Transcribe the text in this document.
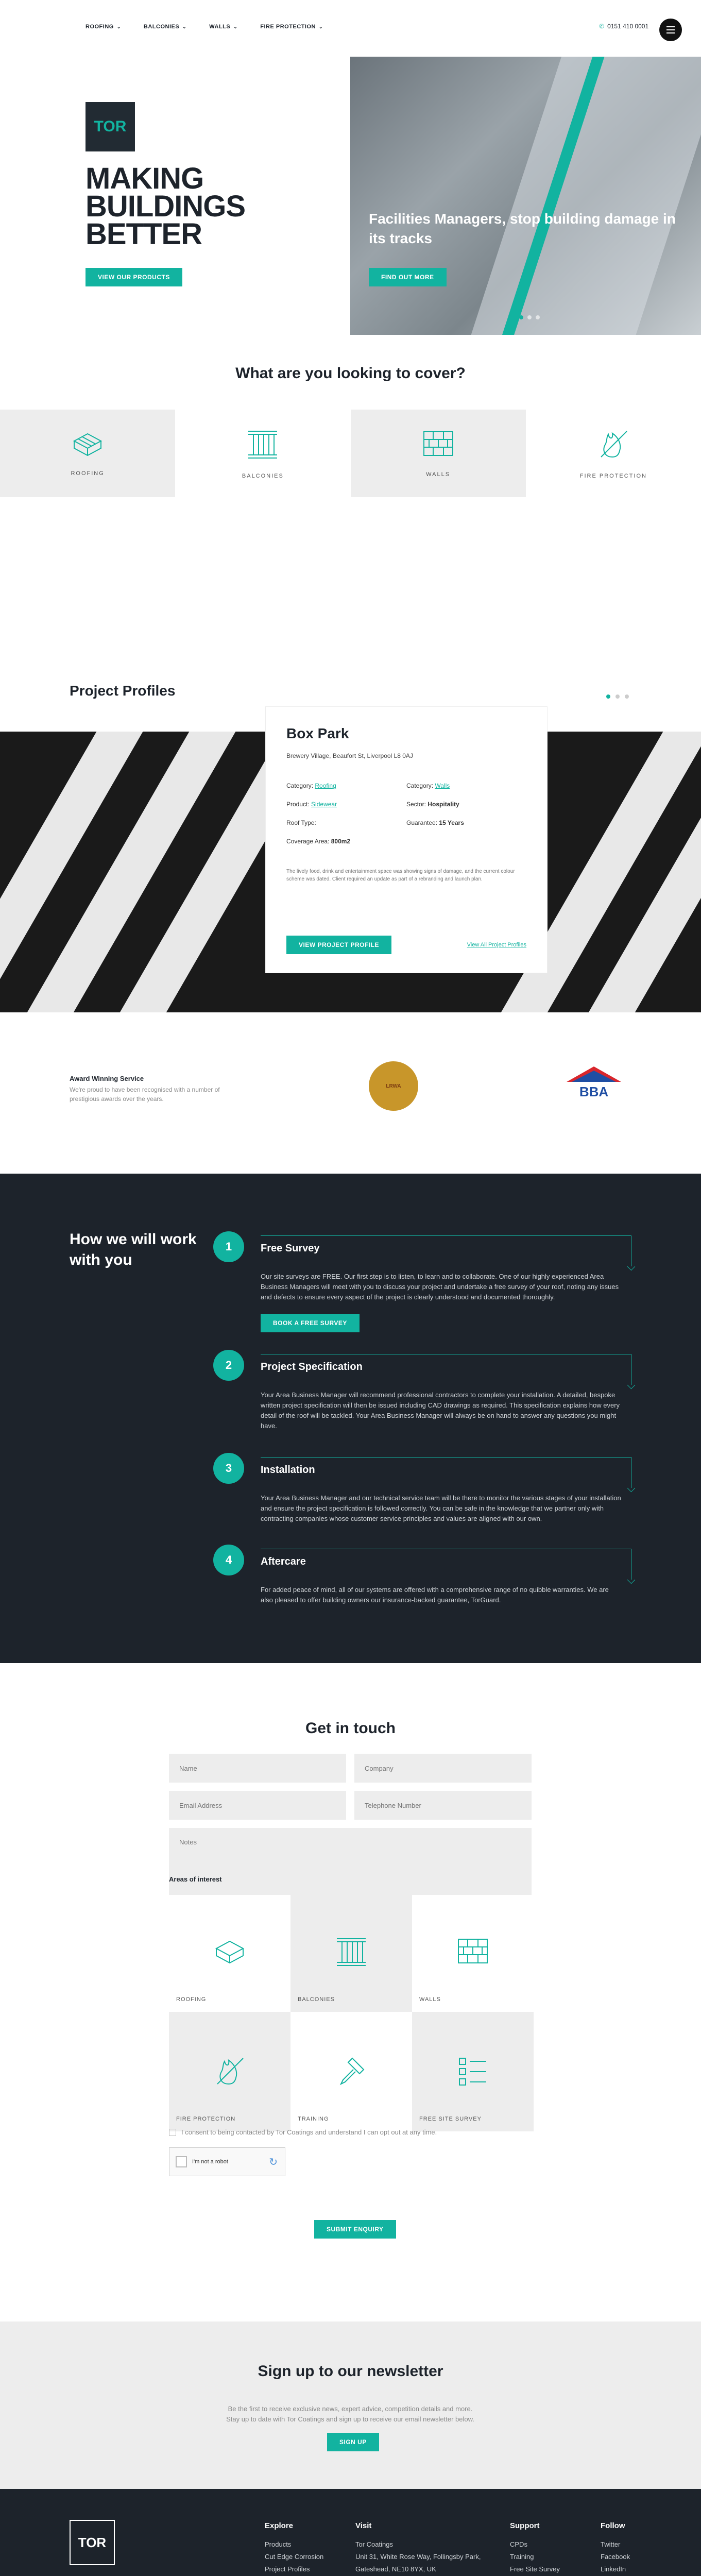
ROOFING ⌄	BALCONIES ⌄	WALLS ⌄	FIRE PROTECTION ⌄	✆ 0151 410 0001
TOR
MAKING
BUILDINGS
BETTER
VIEW OUR PRODUCTS
Facilities Managers, stop building damage in its tracks
FIND OUT MORE
What are you looking to cover?
ROOFING	BALCONIES	WALLS	FIRE PROTECTION
Project Profiles
Box Park
Brewery Village, Beaufort St, Liverpool L8 0AJ
Category: Roofing	Category: Walls
Product: Sidewear	Sector: Hospitality
Roof Type:	Guarantee: 15 Years
Coverage Area: 800m2
The lively food, drink and entertainment space was showing signs of damage, and the current colour scheme was dated. Client required an update as part of a rebranding and launch plan.
VIEW PROJECT PROFILE	View All Project Profiles
Award Winning Service

We're proud to have been recognised with a number of prestigious awards over the years.

LRWA	BBA
How we will work
with you
1	Free Survey

Our site surveys are FREE. Our first step is to listen, to learn and to collaborate. One of our highly experienced Area Business Managers will meet with you to discuss your project and undertake a free survey of your roof, noting any issues and defects to ensure every aspect of the project is clearly understood and documented thoroughly.

BOOK A FREE SURVEY
2	Project Specification

Your Area Business Manager will recommend professional contractors to complete your installation. A detailed, bespoke written project specification will then be issued including CAD drawings as required. This specification explains how every detail of the roof will be tackled. Your Area Business Manager will always be on hand to answer any questions you might have.

3	Installation

Your Area Business Manager and our technical service team will be there to monitor the various stages of your installation and ensure the project specification is followed correctly. You can be safe in the knowledge that we partner only with contracting companies whose customer service principles and values are aligned with our own.

4	Aftercare

For added peace of mind, all of our systems are offered with a comprehensive range of no quibble warranties. We are also pleased to offer building owners our insurance-backed guarantee, TorGuard.

Get in touch
Name
Company
Email Address
Telephone Number
Notes
Areas of interest
ROOFING	BALCONIES	WALLS
FIRE PROTECTION	TRAINING	FREE SITE SURVEY
I consent to being contacted by Tor Coatings and understand I can opt out at any time.
I'm not a robot	↻
SUBMIT ENQUIRY
Sign up to our newsletter

Be the first to receive exclusive news, expert advice, competition details and more. Stay up to date with Tor Coatings and sign up to receive our email newsletter below.

SIGN UP
TOR
Explore
Products
Cut Edge Corrosion
Project Profiles
Visit
Tor Coatings
Unit 31, White Rose Way, Follingsby Park,
Gateshead, NE10 8YX, UK
Support
CPDs
Training
Free Site Survey
Follow
Twitter
Facebook
LinkedIn
